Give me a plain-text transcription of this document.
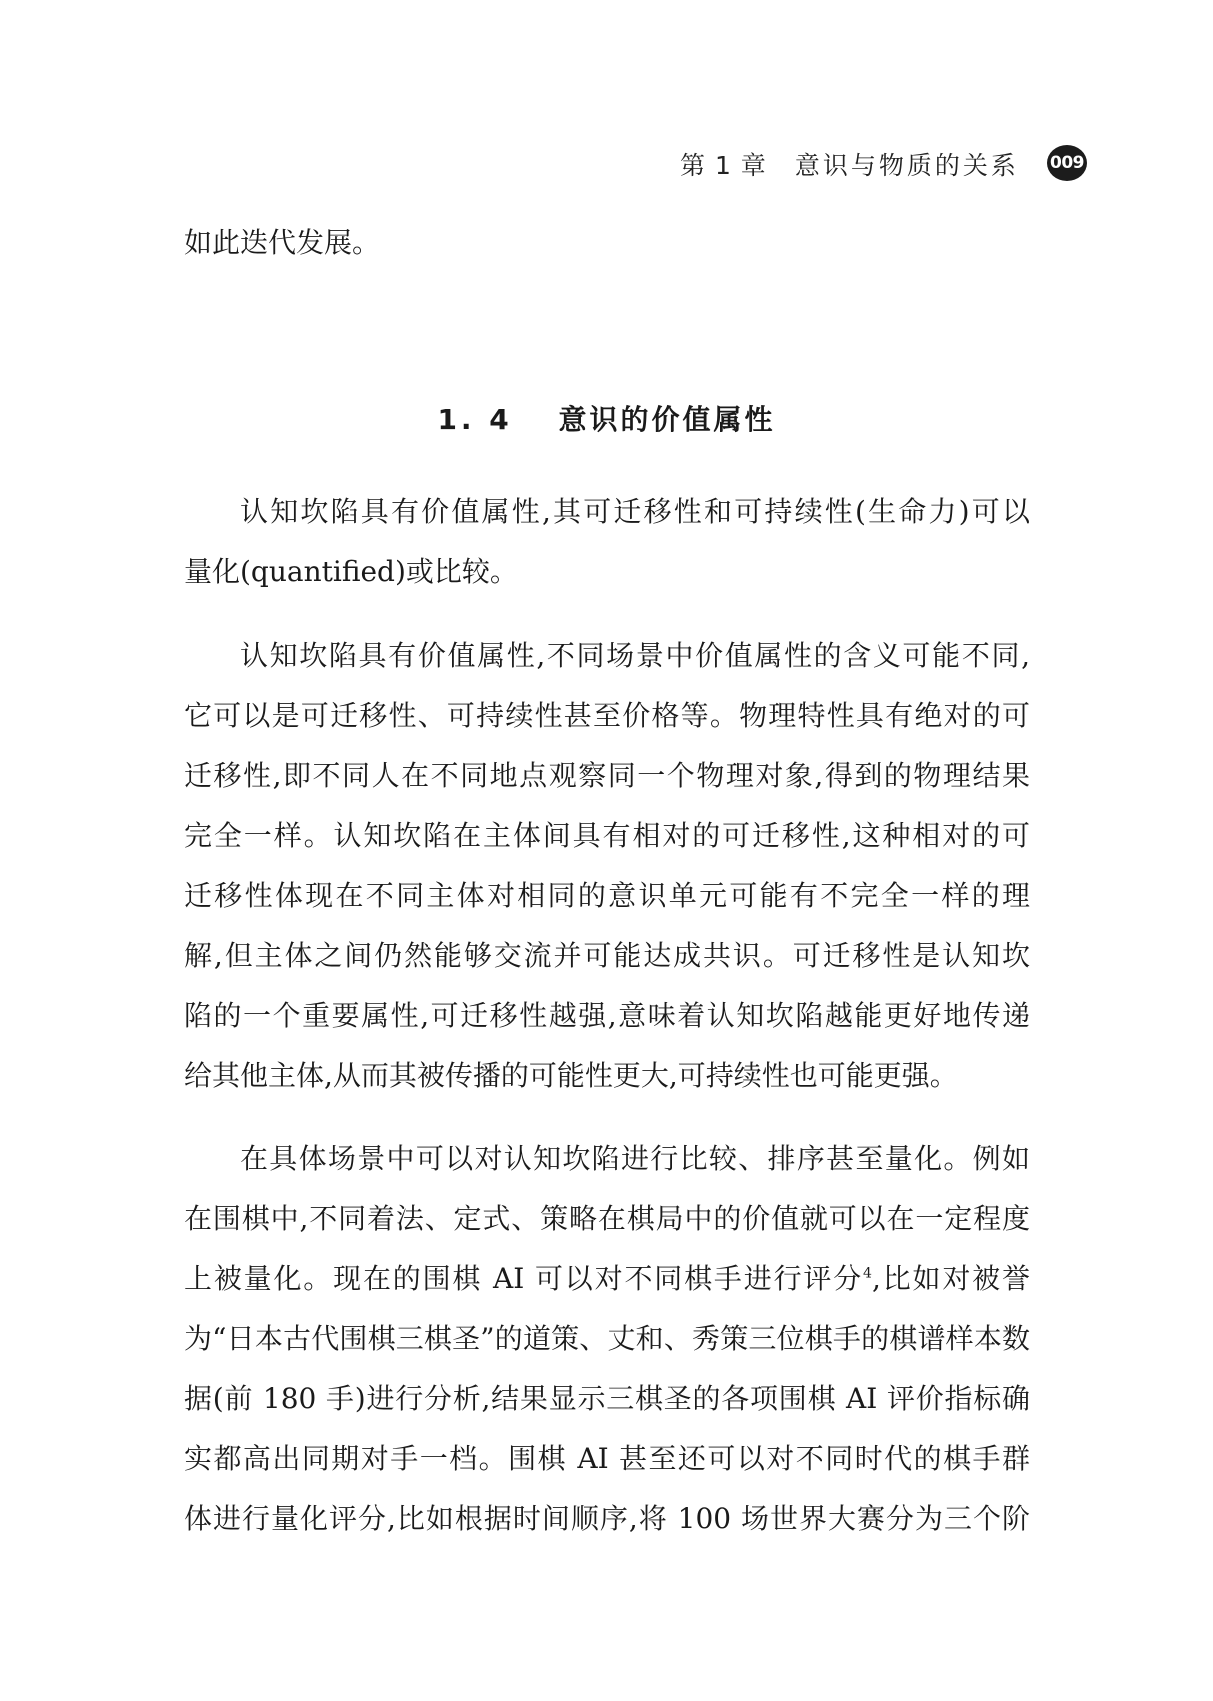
第 1 章 意识与物质的关系 009
如此迭代发展。
1. 4 意识的价值属性
认知坎陷具有价值属性,其可迁移性和可持续性(生命力)可以
量化(quantified)或比较。
认知坎陷具有价值属性,不同场景中价值属性的含义可能不同,
它可以是可迁移性、可持续性甚至价格等。物理特性具有绝对的可
迁移性,即不同人在不同地点观察同一个物理对象,得到的物理结果
完全一样。认知坎陷在主体间具有相对的可迁移性,这种相对的可
迁移性体现在不同主体对相同的意识单元可能有不完全一样的理
解,但主体之间仍然能够交流并可能达成共识。可迁移性是认知坎
陷的一个重要属性,可迁移性越强,意味着认知坎陷越能更好地传递
给其他主体,从而其被传播的可能性更大,可持续性也可能更强。
在具体场景中可以对认知坎陷进行比较、排序甚至量化。例如
在围棋中,不同着法、定式、策略在棋局中的价值就可以在一定程度
上被量化。现在的围棋 AI 可以对不同棋手进行评分$^4$,比如对被誉
为“日本古代围棋三棋圣”的道策、丈和、秀策三位棋手的棋谱样本数
据(前 180 手)进行分析,结果显示三棋圣的各项围棋 AI 评价指标确
实都高出同期对手一档。围棋 AI 甚至还可以对不同时代的棋手群
体进行量化评分,比如根据时间顺序,将 100 场世界大赛分为三个阶
